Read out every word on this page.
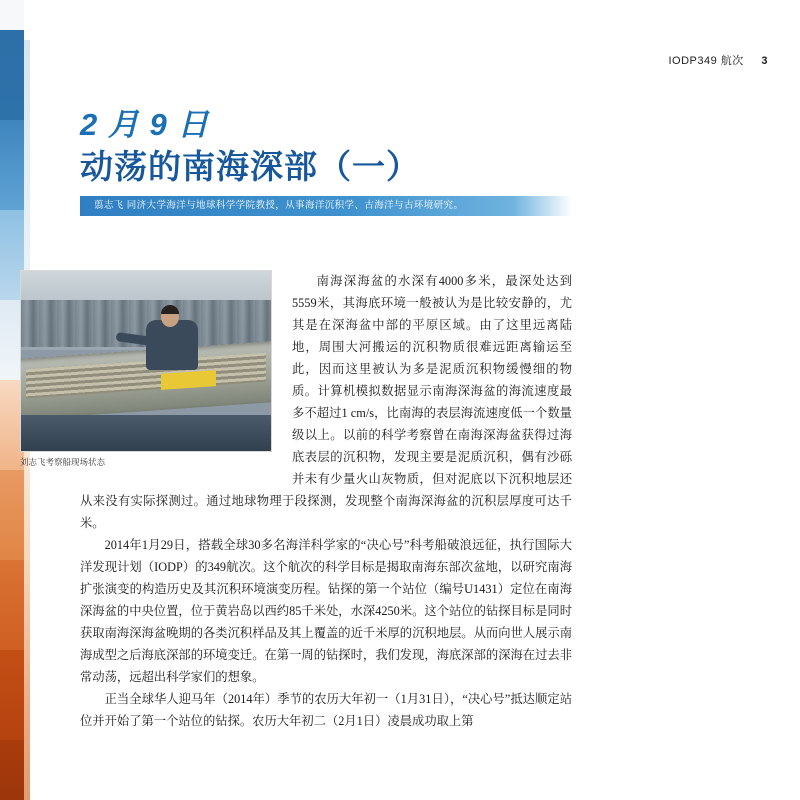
IODP349 航次 3
2 月 9 日
动荡的南海深部（一）
翦志飞 同济大学海洋与地球科学学院教授，从事海洋沉积学、古海洋与古环境研究。
刘志飞考察船现场状态

南海深海盆的水深有4000多米，最深处达到5559米，其海底环境一般被认为是比较安静的，尤其是在深海盆中部的平原区域。由了这里远离陆地，周围大河搬运的沉积物质很难远距离输运至此，因而这里被认为多是泥质沉积物缓慢细的物质。计算机模拟数据显示南海深海盆的海流速度最多不超过1 cm/s，比南海的表层海流速度低一个数量级以上。以前的科学考察曾在南海深海盆获得过海底表层的沉积物，发现主要是泥质沉积，偶有沙砾并未有少量火山灰物质，但对泥底以下沉积地层还从来没有实际探测过。通过地球物理于段探测，发现整个南海深海盆的沉积层厚度可达千米。

2014年1月29日，搭载全球30多名海洋科学家的“决心号”科考船破浪远征，执行国际大洋发现计划（IODP）的349航次。这个航次的科学目标是揭取南海东部次盆地，以研究南海扩张演变的构造历史及其沉积环境演变历程。钻探的第一个站位（编号U1431）定位在南海深海盆的中央位置，位于黄岩岛以西约85千米处，水深4250米。这个站位的钻探目标是同时获取南海深海盆晚期的各类沉积样品及其上覆盖的近千米厚的沉积地层。从而向世人展示南海成型之后海底深部的环境变迁。在第一周的钻探时，我们发现，海底深部的深海在过去非常动荡，远超出科学家们的想象。

正当全球华人迎马年（2014年）季节的农历大年初一（1月31日），“决心号”抵达顺定站位并开始了第一个站位的钻探。农历大年初二（2月1日）凌晨成功取上第
